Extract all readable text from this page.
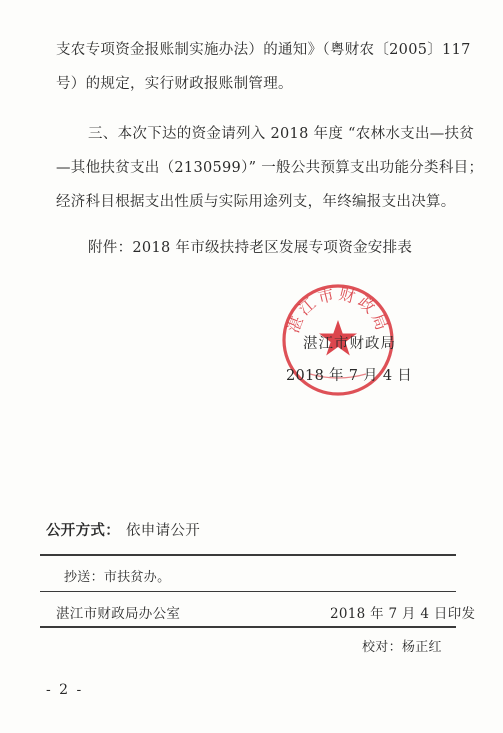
支农专项资金报账制实施办法）的通知》（粤财农〔2005〕117
号）的规定，实行财政报账制管理。
三、本次下达的资金请列入 2018 年度 “农林水支出—扶贫
—其他扶贫支出（2130599）” 一般公共预算支出功能分类科目；
经济科目根据支出性质与实际用途列支，年终编报支出决算。
附件：2018 年市级扶持老区发展专项资金安排表
湛江市财政局
湛江市财政局
2018 年 7 月 4 日
公开方式： 依申请公开
抄送：市扶贫办。
湛江市财政局办公室	2018 年 7 月 4 日印发
校对：杨正红
- 2 -
